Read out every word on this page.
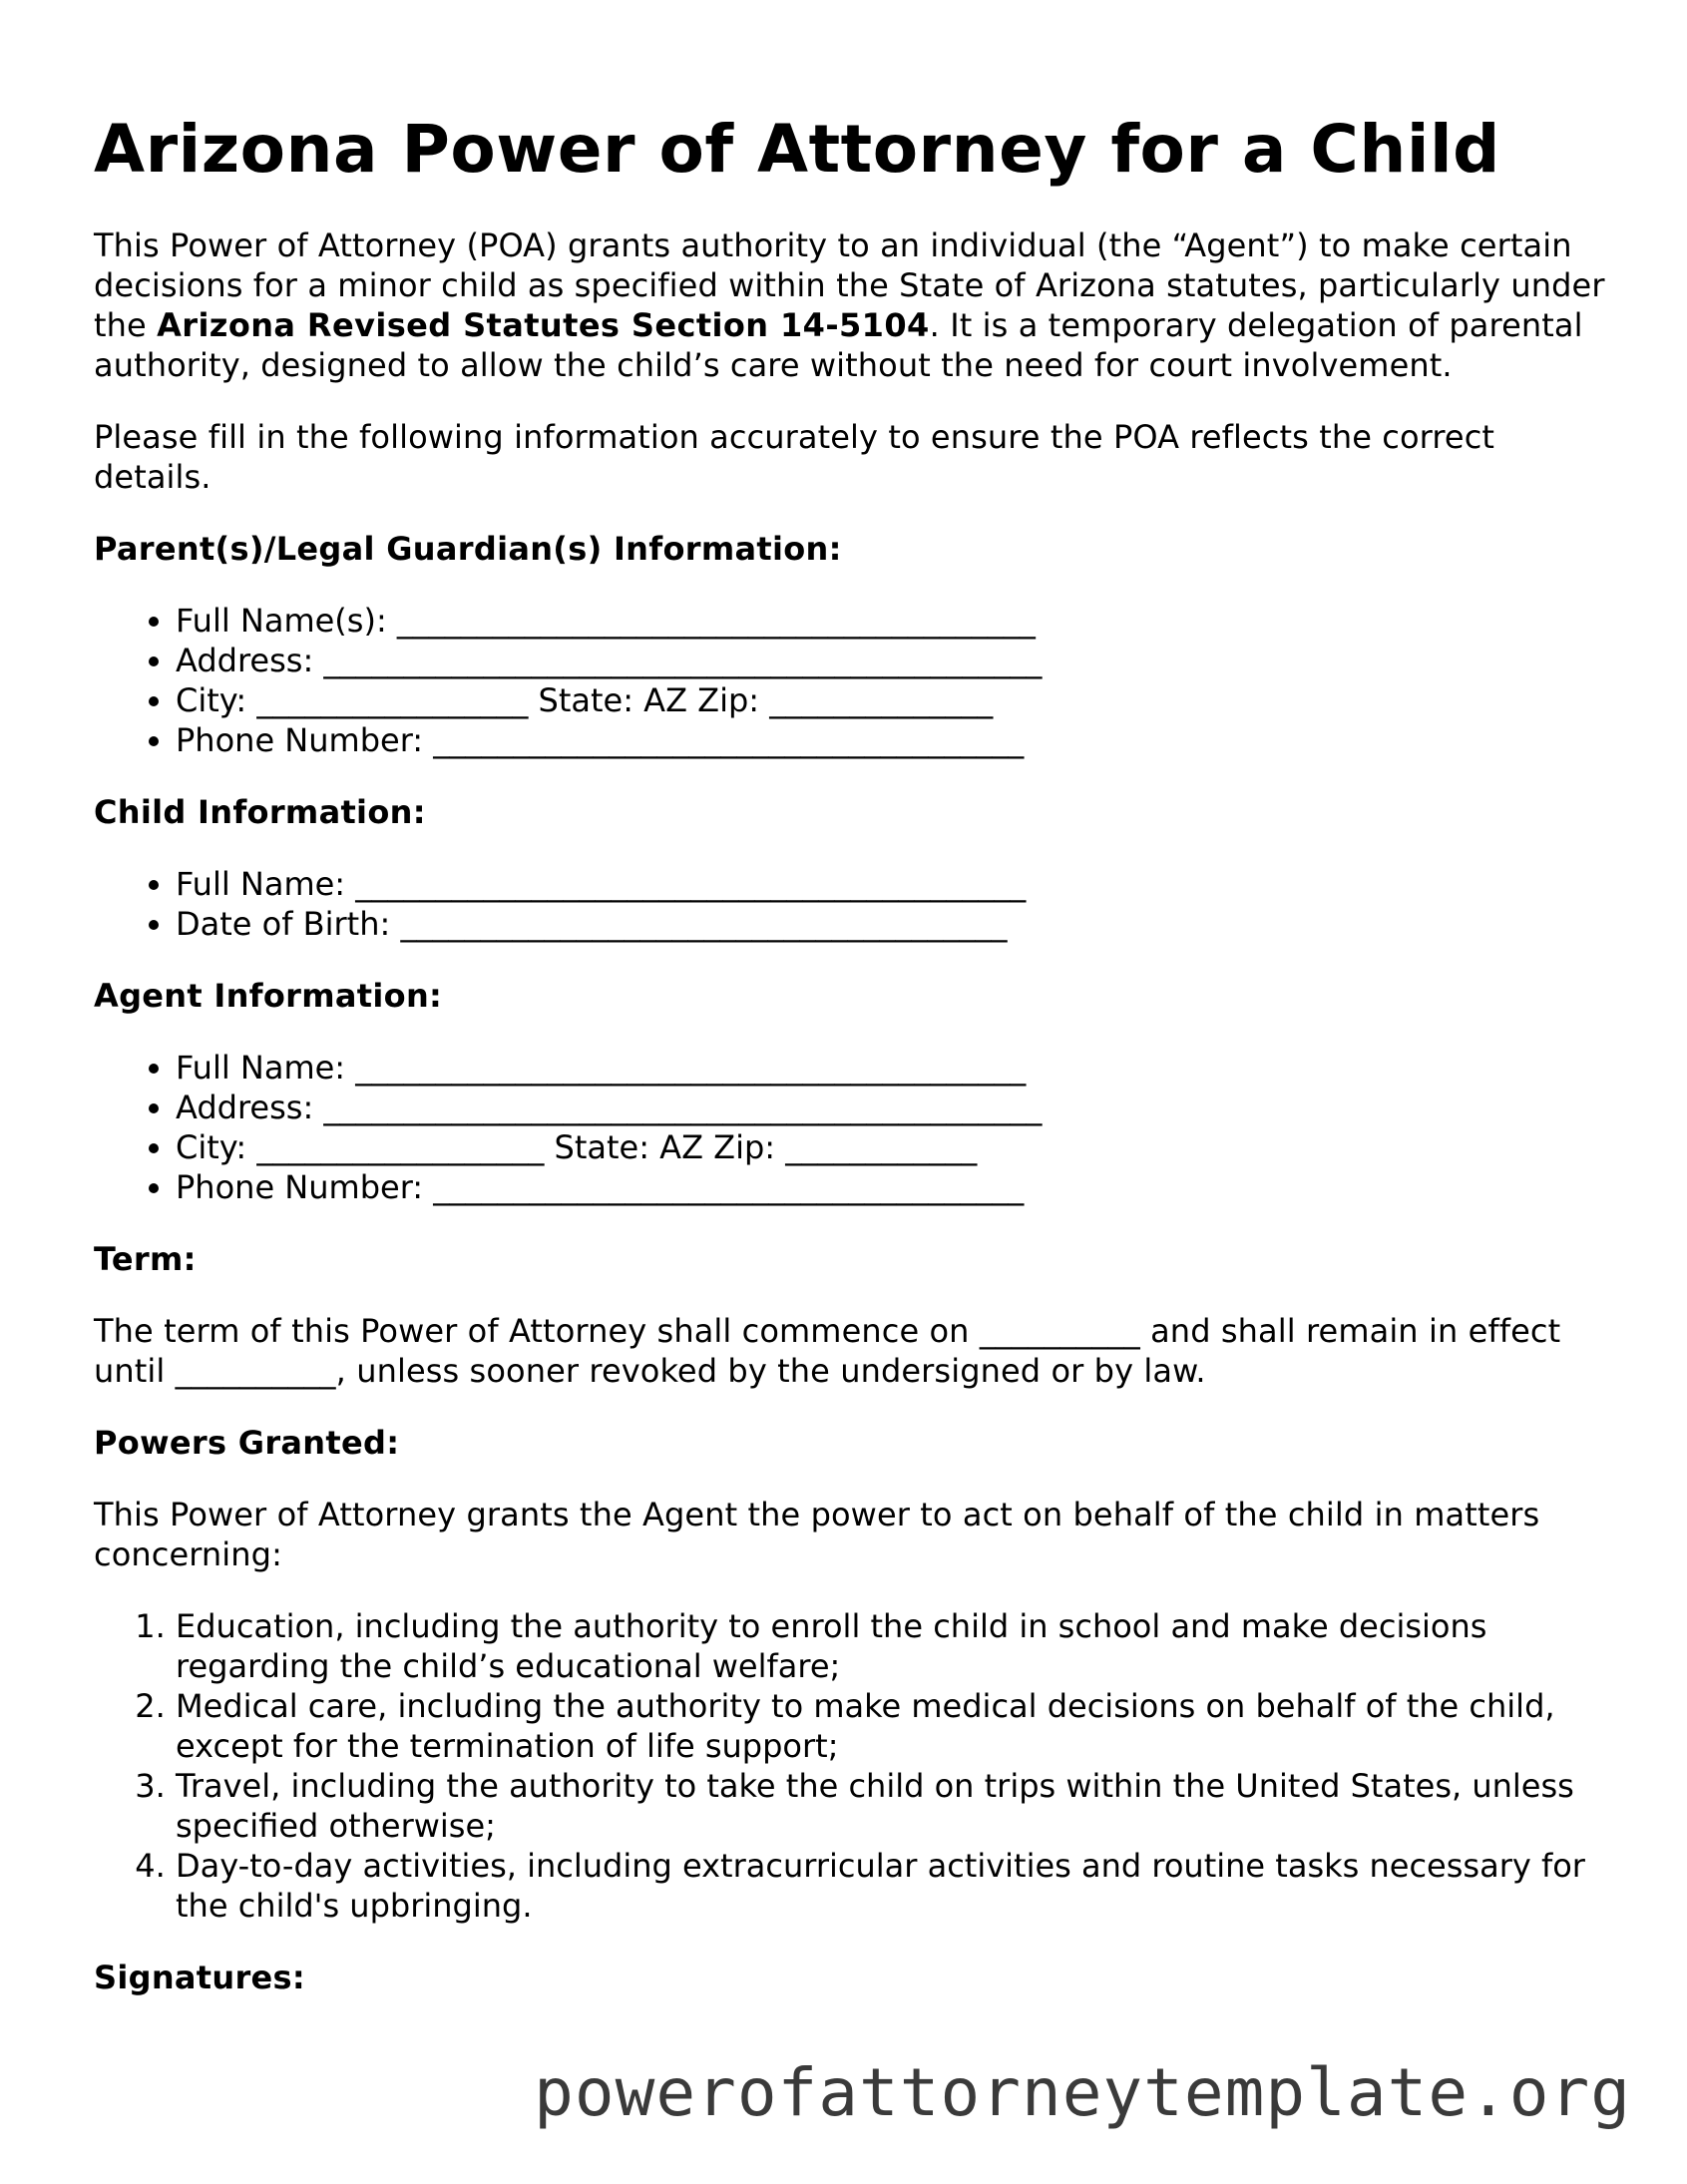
Arizona Power of Attorney for a Child

This Power of Attorney (POA) grants authority to an individual (the “Agent”) to make certain decisions for a minor child as specified within the State of Arizona statutes, particularly under the Arizona Revised Statutes Section 14-5104. It is a temporary delegation of parental authority, designed to allow the child’s care without the need for court involvement.

Please fill in the following information accurately to ensure the POA reflects the correct details.

Parent(s)/Legal Guardian(s) Information:
• Full Name(s): ________________________________________
• Address: _____________________________________________
• City: _________________ State: AZ Zip: ______________
• Phone Number: _____________________________________
Child Information:
• Full Name: __________________________________________
• Date of Birth: ______________________________________
Agent Information:
• Full Name: __________________________________________
• Address: _____________________________________________
• City: __________________ State: AZ Zip: ____________
• Phone Number: _____________________________________
Term:

The term of this Power of Attorney shall commence on __________ and shall remain in effect until __________, unless sooner revoked by the undersigned or by law.

Powers Granted:

This Power of Attorney grants the Agent the power to act on behalf of the child in matters concerning:

1. Education, including the authority to enroll the child in school and make decisions regarding the child’s educational welfare;
2. Medical care, including the authority to make medical decisions on behalf of the child, except for the termination of life support;
3. Travel, including the authority to take the child on trips within the United States, unless specified otherwise;
4. Day-to-day activities, including extracurricular activities and routine tasks necessary for the child's upbringing.
Signatures:
powerofattorneytemplate.org
